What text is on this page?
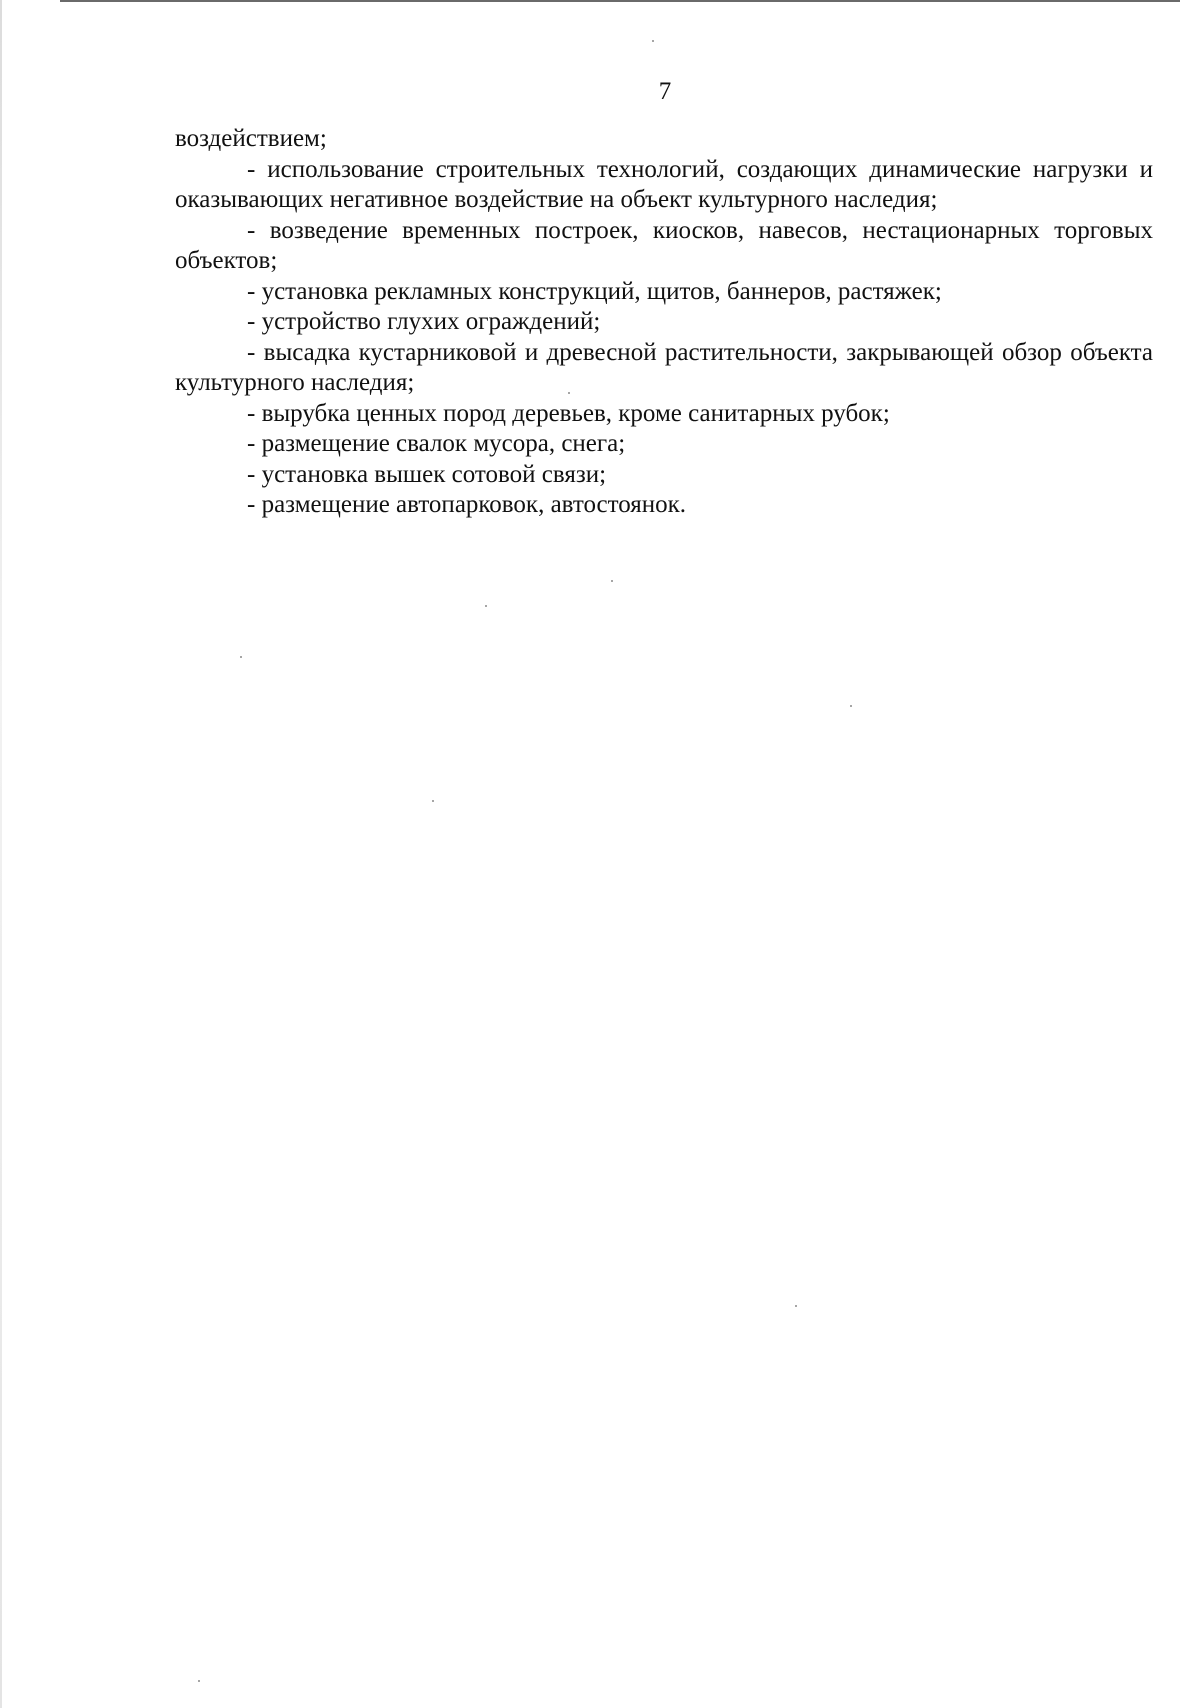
7

воздействием;

- использование строительных технологий, создающих динамические нагрузки и оказывающих негативное воздействие на объект культурного наследия;

- возведение временных построек, киосков, навесов, нестационарных торговых объектов;

- установка рекламных конструкций, щитов, баннеров, растяжек;

- устройство глухих ограждений;

- высадка кустарниковой и древесной растительности, закрывающей обзор объекта культурного наследия;

- вырубка ценных пород деревьев, кроме санитарных рубок;

- размещение свалок мусора, снега;

- установка вышек сотовой связи;

- размещение автопарковок, автостоянок.
